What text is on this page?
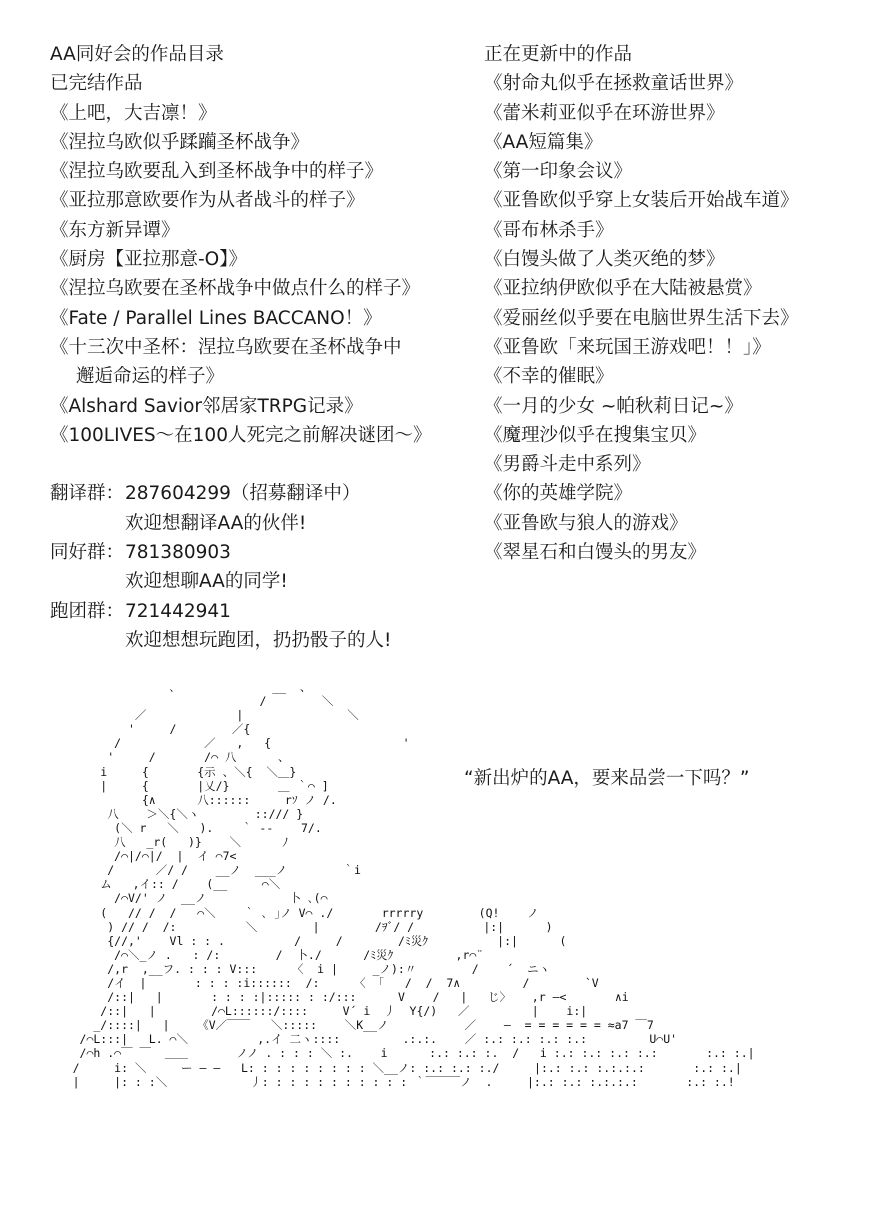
AA同好会的作品目录
已完结作品
《上吧，大吉凛！》
《涅拉乌欧似乎蹂躏圣杯战争》
《涅拉乌欧要乱入到圣杯战争中的样子》
《亚拉那意欧要作为从者战斗的样子》
《东方新异谭》
《厨房【亚拉那意-O】》
《涅拉乌欧要在圣杯战争中做点什么的样子》
《Fate / Parallel Lines BACCANO！》
《十三次中圣杯：涅拉乌欧要在圣杯战争中
邂逅命运的样子》
《Alshard Savior邻居家TRPG记录》
《100LIVES～在100人死完之前解决谜团～》
翻译群： 287604299（招募翻译中）
欢迎想翻译AA的伙伴!
同好群： 781380903
欢迎想聊AA的同学!
跑团群： 721442941
欢迎想想玩跑团，扔扔骰子的人!
正在更新中的作品
《射命丸似乎在拯救童话世界》
《蕾米莉亚似乎在环游世界》
《AA短篇集》
《第一印象会议》
《亚鲁欧似乎穿上女装后开始战车道》
《哥布林杀手》
《白馒头做了人类灭绝的梦》
《亚拉纳伊欧似乎在大陆被悬赏》
《爱丽丝似乎要在电脑世界生活下去》
《亚鲁欧「来玩国王游戏吧！！」》
《不幸的催眠》
《一月的少女 ~帕秋莉日记~》
《魔理沙似乎在搜集宝贝》
《男爵斗走中系列》
《你的英雄学院》
《亚鲁欧与狼人的游戏》
《翠星石和白馒头的男友》
､              __  、
/        ＼
／             |               ＼
'     /        ／{
/            ／   ,   {                   '
'     /       /⌒ 八      、
i     {       {示 、＼{  ＼＿}
|     {       |乂/}       ＿ ｀⌒ ]
{∧      八::::::     rｿ ノ /.
八    ＞＼{＼ヽ        ::/// }
(＼ r   ＼   ).    ｀ --    7/.
八   _r(   )}    ＼      ﾉ
/⌒|/⌒|/  |  イ ⌒7<
/      ／/ /    __ノ  ___ノ        ｀i
ム   ,イ:: /    (__     ⌒＼
/⌒V/' ノ  __ノ            卜 ､(⌒
(   // /  /   ⌒＼    ｀ ､ ｣ノ V⌒ ./       rrrrry        (Q!    ノ
) // /  /:          ＼        |        /ｦﾞ/ /          |:|      )
{//,'    Vl : : .          /     /        /ﾐ災ｸ          |:|      (
/⌒＼_ノ .   : /:        /  卜./      /ﾐ災ｸ         ,r⌒¨
/,r  ,__フ. : : : V:::     〈  i |     _ノ):〃        /    ´  ニヽ
/イ  |       : : : :i::::::  /:     〈 「   /  /  7∧         /        `V
/::|   |       : : : :|::::: : :/:::      V    /   |   じ〉   ,r ―<       ∧i
/::|   |        /⌒L::::::/::::     V´ i  丿  Y{/)   ／         |    i:|
_/::::|   |    《V／￣￣   ＼:::::    ＼K__ノ           ／    ―  = = = = = = ≈a7 ￣7
/⌒L:::|   L. ⌒＼          ,.イ 二ヽ::::         .:.:.    ／ :.: :.: :.: :.:         U⌒U'
/⌒h .⌒￣ ￣  ＿＿       ノノ . : : : ＼ :.    i      :.: :.: :.  /   i :.: :.: :.: :.:       :.: :.|
/     i: ＼     ー ― ―   L: : : : : : : : : ＼__ノ: :.: :.: :./     |:.: :.: :.:.:.:       :.: :.|
|     |: : :＼            丿: : : : : : : : : : : ｀￣￣￣ノ  .     |:.: :.: :.:.:.:       :.: :.!
“新出炉的AA，要来品尝一下吗？”
